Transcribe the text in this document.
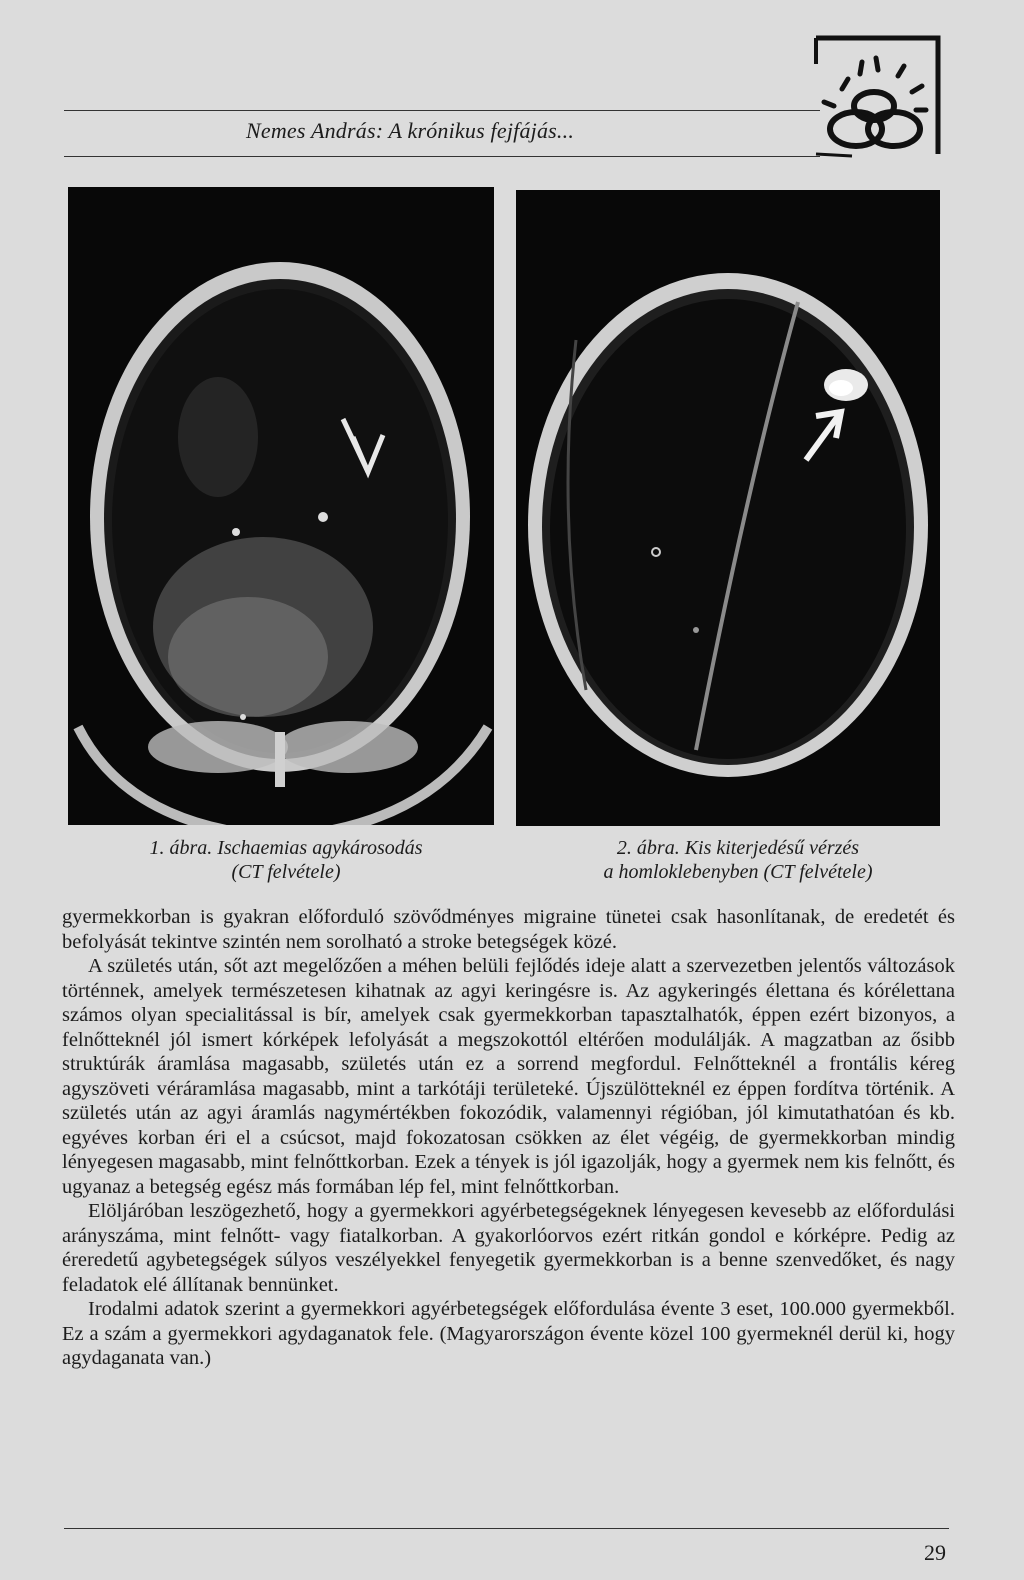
Nemes András: A krónikus fejfájás...
1. ábra. Ischaemias agykárosodás
(CT felvétele)
2. ábra. Kis kiterjedésű vérzés
a homloklebenyben (CT felvétele)

gyermekkorban is gyakran előforduló szövődményes migraine tünetei csak hasonlítanak, de eredetét és befolyását tekintve szintén nem sorolható a stroke betegségek közé.

A születés után, sőt azt megelőzően a méhen belüli fejlődés ideje alatt a szervezetben jelentős változások történnek, amelyek természetesen kihatnak az agyi keringésre is. Az agykeringés élettana és kórélettana számos olyan specialitással is bír, amelyek csak gyermekkorban tapasztalhatók, éppen ezért bizonyos, a felnőtteknél jól ismert kórképek lefolyását a megszokottól eltérően modulálják. A magzatban az ősibb struktúrák áramlása magasabb, születés után ez a sorrend megfordul. Felnőtteknél a frontális kéreg agyszöveti véráramlása magasabb, mint a tarkótáji területeké. Újszülötteknél ez éppen fordítva történik. A születés után az agyi áramlás nagymértékben fokozódik, valamennyi régióban, jól kimutathatóan és kb. egyéves korban éri el a csúcsot, majd fokozatosan csökken az élet végéig, de gyermekkorban mindig lényegesen magasabb, mint felnőttkorban. Ezek a tények is jól igazolják, hogy a gyermek nem kis felnőtt, és ugyanaz a betegség egész más formában lép fel, mint felnőttkorban.

Elöljáróban leszögezhető, hogy a gyermekkori agyérbetegségeknek lényegesen kevesebb az előfordulási arányszáma, mint felnőtt- vagy fiatalkorban. A gyakorlóorvos ezért ritkán gondol e kórképre. Pedig az éreredetű agybetegségek súlyos veszélyekkel fenyegetik gyermekkorban is a benne szenvedőket, és nagy feladatok elé állítanak bennünket.

Irodalmi adatok szerint a gyermekkori agyérbetegségek előfordulása évente 3 eset, 100.000 gyermekből. Ez a szám a gyermekkori agydaganatok fele. (Magyarországon évente közel 100 gyermeknél derül ki, hogy agydaganata van.)

29
